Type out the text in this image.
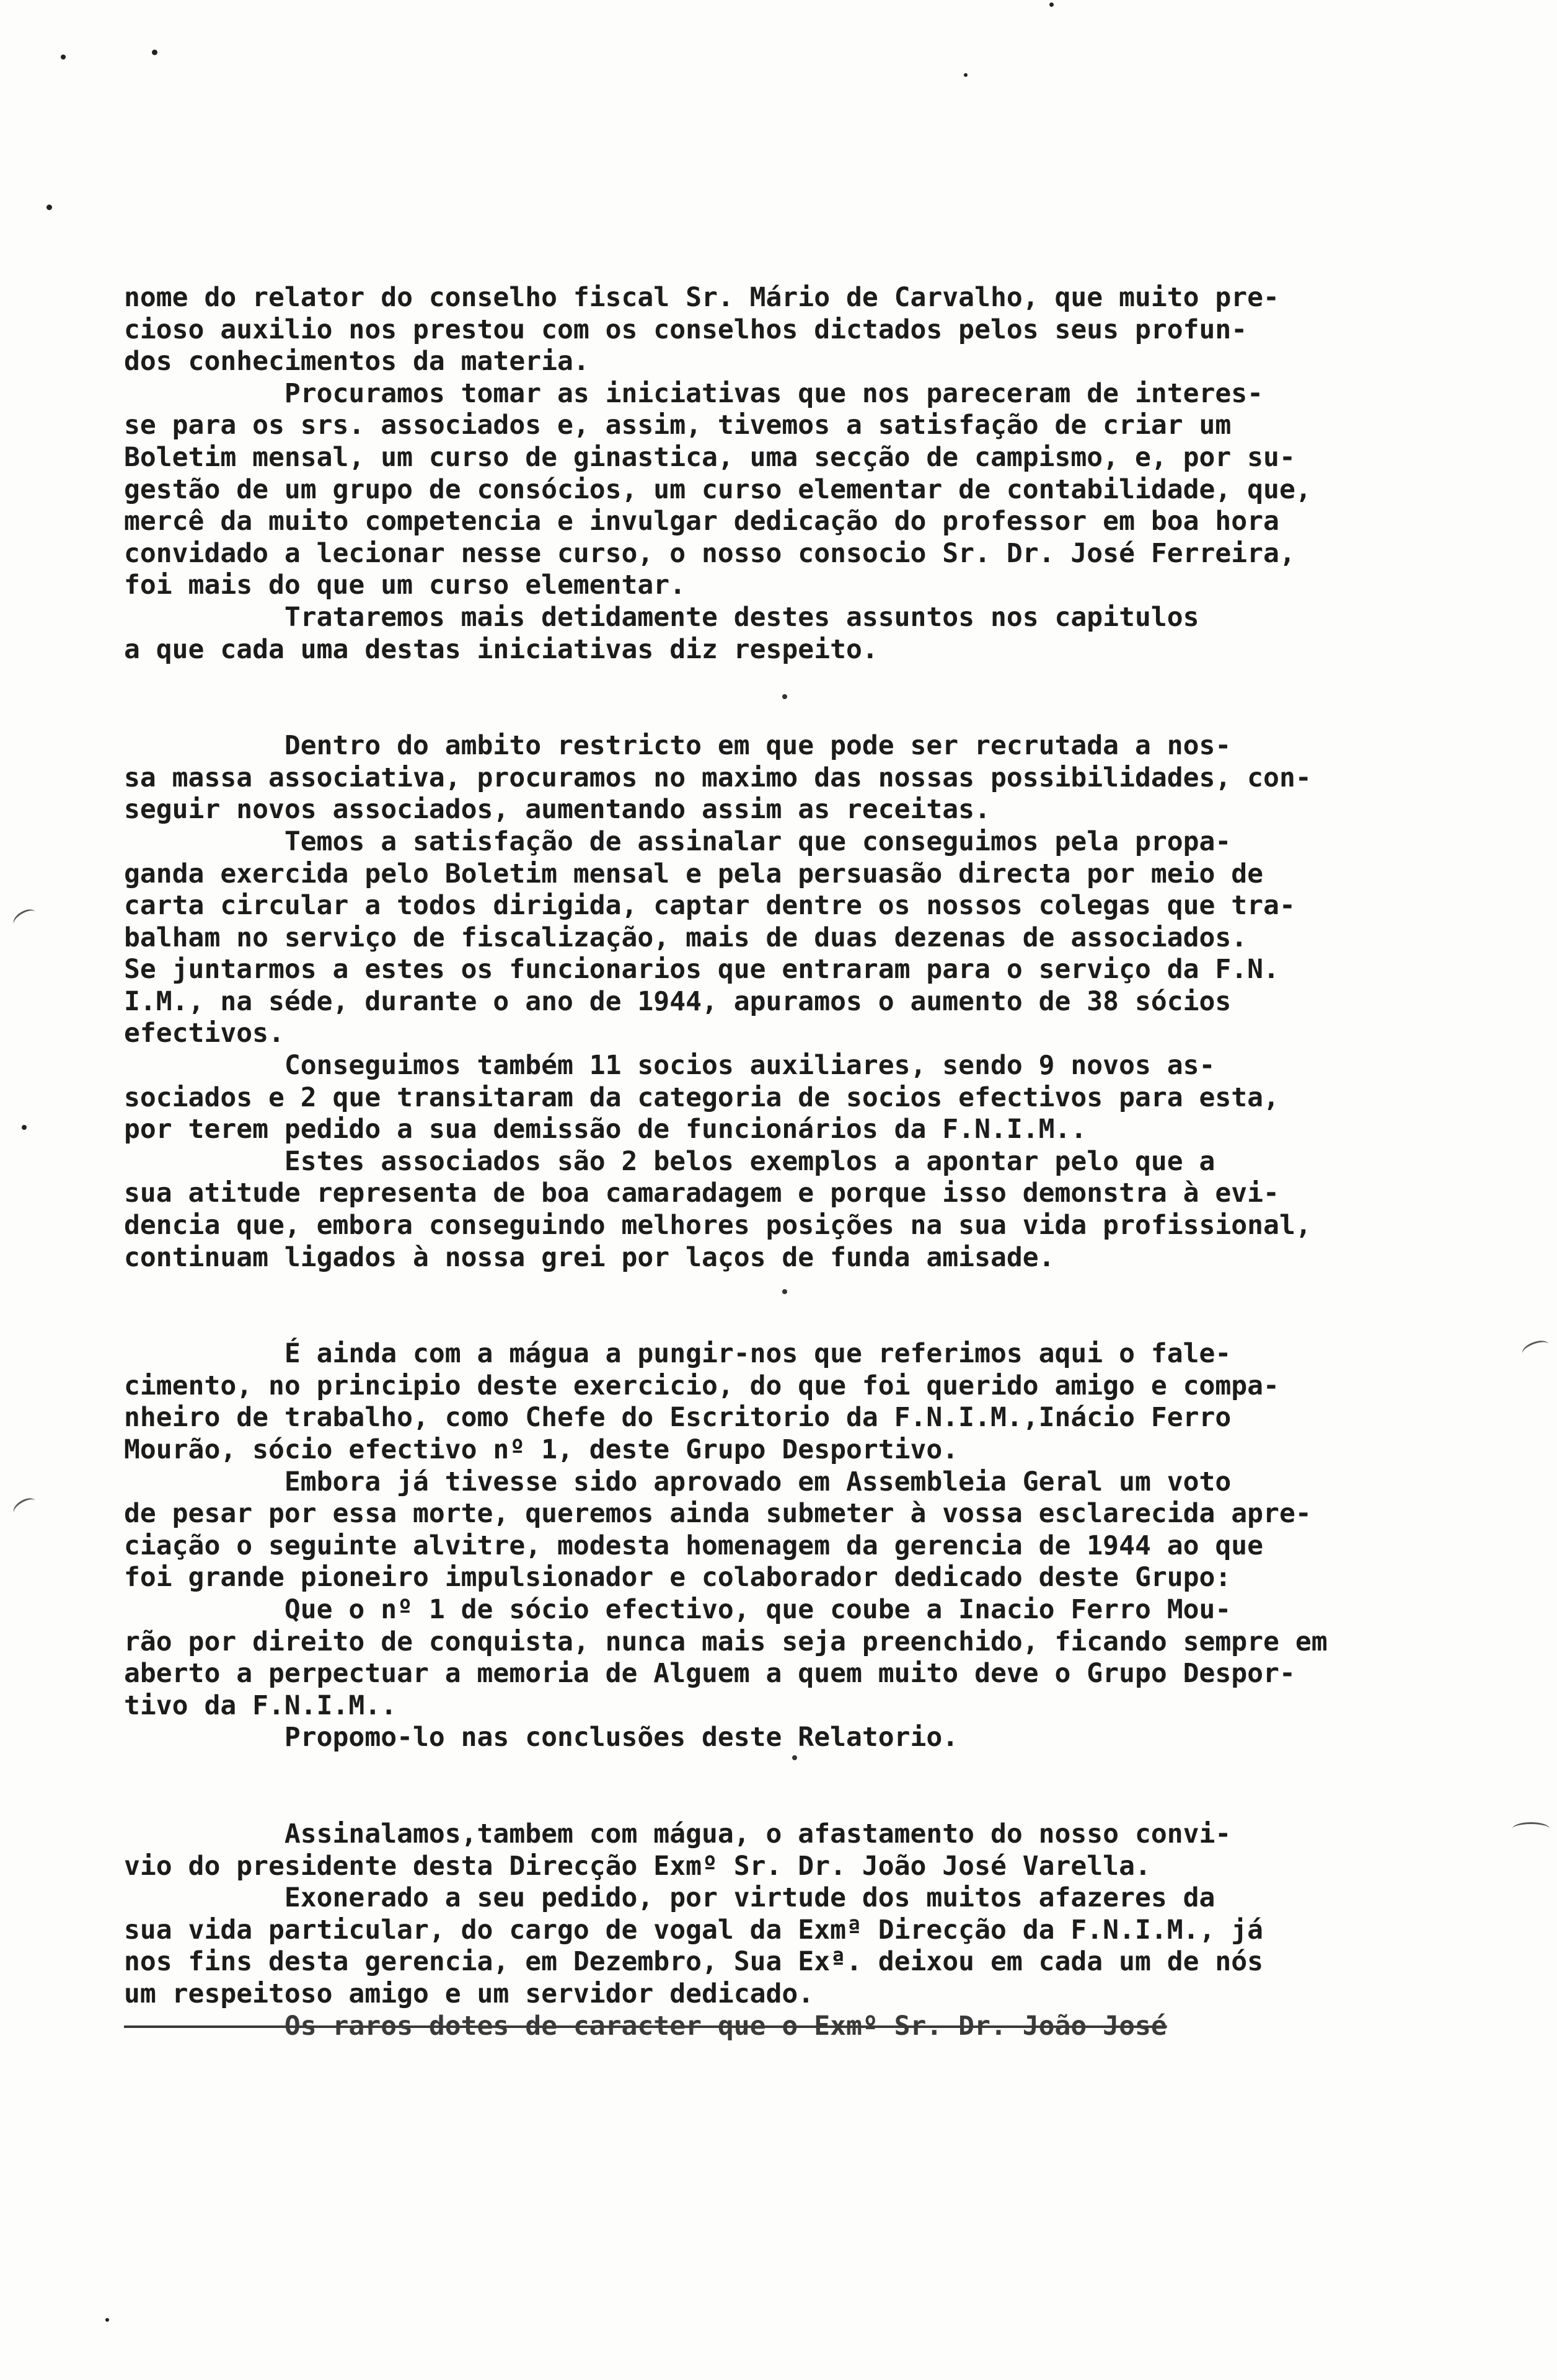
nome do relator do conselho fiscal Sr. Mário de Carvalho, que muito pre-
cioso auxilio nos prestou com os conselhos dictados pelos seus profun-
dos conhecimentos da materia.
Procuramos tomar as iniciativas que nos pareceram de interes-
se para os srs. associados e, assim, tivemos a satisfação de criar um
Boletim mensal, um curso de ginastica, uma secção de campismo, e, por su-
gestão de um grupo de consócios, um curso elementar de contabilidade, que,
mercê da muito competencia e invulgar dedicação do professor em boa hora
convidado a lecionar nesse curso, o nosso consocio Sr. Dr. José Ferreira,
foi mais do que um curso elementar.
Trataremos mais detidamente destes assuntos nos capitulos
a que cada uma destas iniciativas diz respeito.
Dentro do ambito restricto em que pode ser recrutada a nos-
sa massa associativa, procuramos no maximo das nossas possibilidades, con-
seguir novos associados, aumentando assim as receitas.
Temos a satisfação de assinalar que conseguimos pela propa-
ganda exercida pelo Boletim mensal e pela persuasão directa por meio de
carta circular a todos dirigida, captar dentre os nossos colegas que tra-
balham no serviço de fiscalização, mais de duas dezenas de associados.
Se juntarmos a estes os funcionarios que entraram para o serviço da F.N.
I.M., na séde, durante o ano de 1944, apuramos o aumento de 38 sócios
efectivos.
Conseguimos também 11 socios auxiliares, sendo 9 novos as-
sociados e 2 que transitaram da categoria de socios efectivos para esta,
por terem pedido a sua demissão de funcionários da F.N.I.M..
Estes associados são 2 belos exemplos a apontar pelo que a
sua atitude representa de boa camaradagem e porque isso demonstra à evi-
dencia que, embora conseguindo melhores posições na sua vida profissional,
continuam ligados à nossa grei por laços de funda amisade.
É ainda com a mágua a pungir-nos que referimos aqui o fale-
cimento, no principio deste exercicio, do que foi querido amigo e compa-
nheiro de trabalho, como Chefe do Escritorio da F.N.I.M.,Inácio Ferro
Mourão, sócio efectivo nº 1, deste Grupo Desportivo.
Embora já tivesse sido aprovado em Assembleia Geral um voto
de pesar por essa morte, queremos ainda submeter à vossa esclarecida apre-
ciação o seguinte alvitre, modesta homenagem da gerencia de 1944 ao que
foi grande pioneiro impulsionador e colaborador dedicado deste Grupo:
Que o nº 1 de sócio efectivo, que coube a Inacio Ferro Mou-
rão por direito de conquista, nunca mais seja preenchido, ficando sempre em
aberto a perpectuar a memoria de Alguem a quem muito deve o Grupo Despor-
tivo da F.N.I.M..
Propomo-lo nas conclusões deste Relatorio.
Assinalamos,tambem com mágua, o afastamento do nosso convi-
vio do presidente desta Direcção Exmº Sr. Dr. João José Varella.
Exonerado a seu pedido, por virtude dos muitos afazeres da
sua vida particular, do cargo de vogal da Exmª Direcção da F.N.I.M., já
nos fins desta gerencia, em Dezembro, Sua Exª. deixou em cada um de nós
um respeitoso amigo e um servidor dedicado.
Os raros dotes de caracter que o Exmº Sr. Dr. João José
